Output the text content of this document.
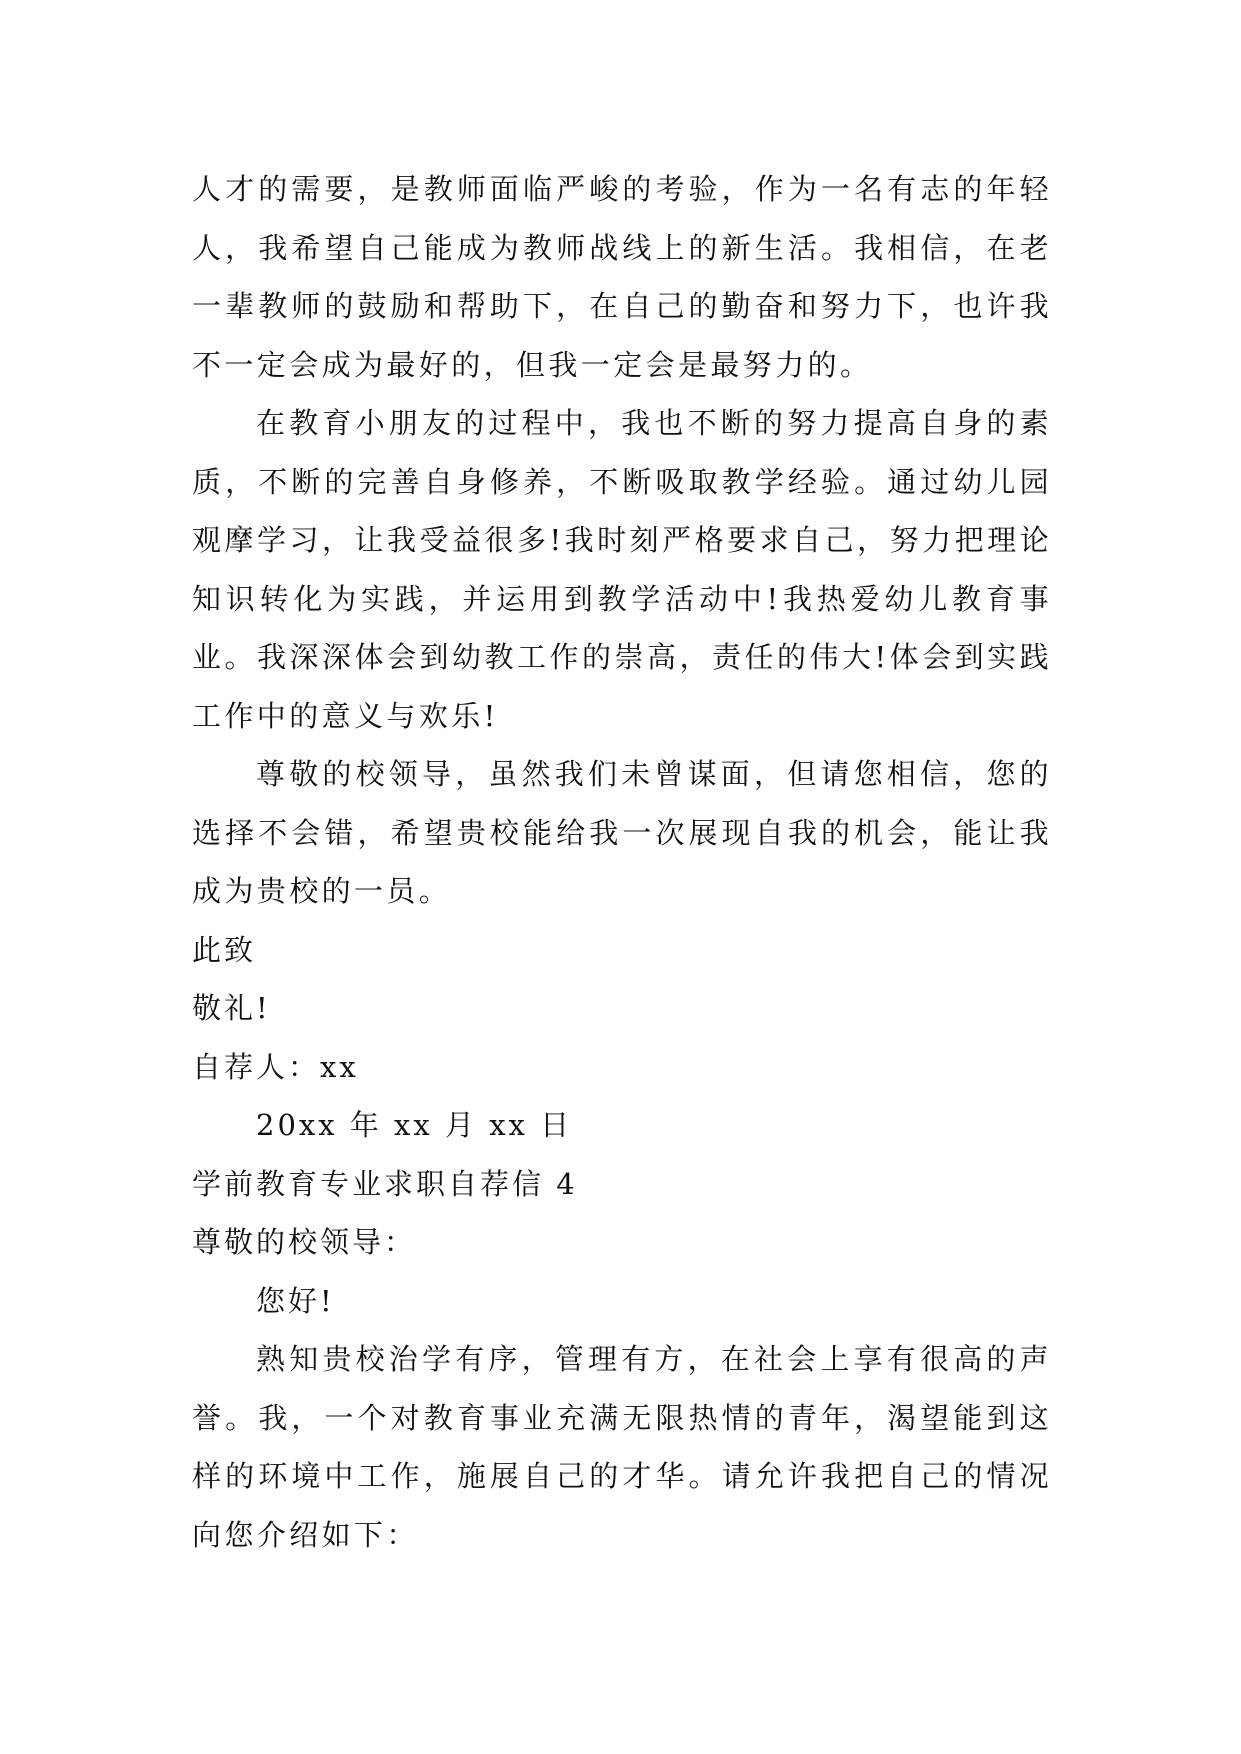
人才的需要，是教师面临严峻的考验，作为一名有志的年轻人，我希望自己能成为教师战线上的新生活。我相信，在老一辈教师的鼓励和帮助下，在自己的勤奋和努力下，也许我不一定会成为最好的，但我一定会是最努力的。

在教育小朋友的过程中，我也不断的努力提高自身的素质，不断的完善自身修养，不断吸取教学经验。通过幼儿园观摩学习，让我受益很多!我时刻严格要求自己，努力把理论知识转化为实践，并运用到教学活动中!我热爱幼儿教育事业。我深深体会到幼教工作的崇高，责任的伟大!体会到实践工作中的意义与欢乐!

尊敬的校领导，虽然我们未曾谋面，但请您相信，您的选择不会错，希望贵校能给我一次展现自我的机会，能让我成为贵校的一员。

此致

敬礼!

自荐人：xx

20xx 年 xx 月 xx 日

学前教育专业求职自荐信 4

尊敬的校领导：

您好!

熟知贵校治学有序，管理有方，在社会上享有很高的声誉。我，一个对教育事业充满无限热情的青年，渴望能到这样的环境中工作，施展自己的才华。请允许我把自己的情况向您介绍如下：
